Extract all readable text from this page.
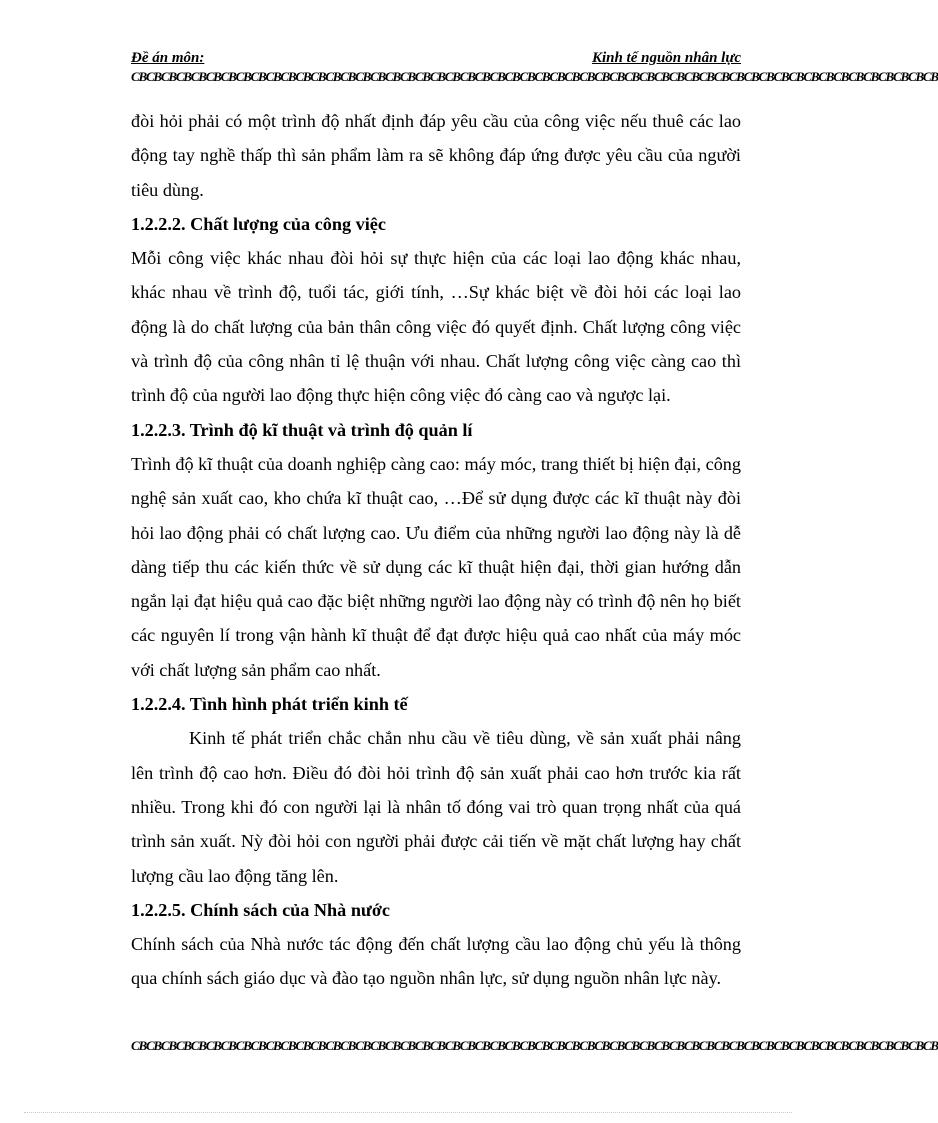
Đề án môn:	Kinh tế nguồn nhân lực
CBCBCBCBCBCBCBCBCBCBCBCBCBCBCBCBCBCBCBCBCBCBCBCBCBCBCBCBCBCBCBCBCBCBCBCBCBCBCBCBCBCBCBCBCBCBCBCBCBCBCBCBCBCB

đòi hỏi phải có một trình độ nhất định đáp yêu cầu của công việc nếu thuê các lao động tay nghề thấp thì sản phẩm làm ra sẽ không đáp ứng được yêu cầu của người tiêu dùng.

1.2.2.2. Chất lượng của công việc

Mỗi công việc khác nhau đòi hỏi sự thực hiện của các loại lao động khác nhau, khác nhau về trình độ, tuổi tác, giới tính, …Sự khác biệt về đòi hỏi các loại lao động là do chất lượng của bản thân công việc đó quyết định. Chất lượng công việc và trình độ của công nhân tỉ lệ thuận với nhau. Chất lượng công việc càng cao thì trình độ của người lao động thực hiện công việc đó càng cao và ngược lại.

1.2.2.3. Trình độ kĩ thuật và trình độ quản lí

Trình độ kĩ thuật của doanh nghiệp càng cao: máy móc, trang thiết bị hiện đại, công nghệ sản xuất cao, kho chứa kĩ thuật cao, …Để sử dụng được các kĩ thuật này đòi hỏi lao động phải có chất lượng cao. Ưu điểm của những người lao động này là dễ dàng tiếp thu các kiến thức về sử dụng các kĩ thuật hiện đại, thời gian hướng dẫn ngắn lại đạt hiệu quả cao đặc biệt những người lao động này có trình độ nên họ biết các nguyên lí trong vận hành kĩ thuật để đạt được hiệu quả cao nhất của máy móc với chất lượng sản phẩm cao nhất.

1.2.2.4. Tình hình phát triển kinh tế

Kinh tế phát triển chắc chắn nhu cầu về tiêu dùng, về sản xuất phải nâng lên trình độ cao hơn. Điều đó đòi hỏi trình độ sản xuất phải cao hơn trước kia rất nhiều. Trong khi đó con người lại là nhân tố đóng vai trò quan trọng nhất của quá trình sản xuất. Nỳ đòi hỏi con người phải được cải tiến về mặt chất lượng hay chất lượng cầu lao động tăng lên.

1.2.2.5. Chính sách của Nhà nước

Chính sách của Nhà nước tác động đến chất lượng cầu lao động chủ yếu là thông qua chính sách giáo dục và đào tạo nguồn nhân lực, sử dụng nguồn nhân lực này.

CBCBCBCBCBCBCBCBCBCBCBCBCBCBCBCBCBCBCBCBCBCBCBCBCBCBCBCBCBCBCBCBCBCBCBCBCBCBCBCBCBCBCBCBCBCBCBCBCBCBCBCBCBCB
